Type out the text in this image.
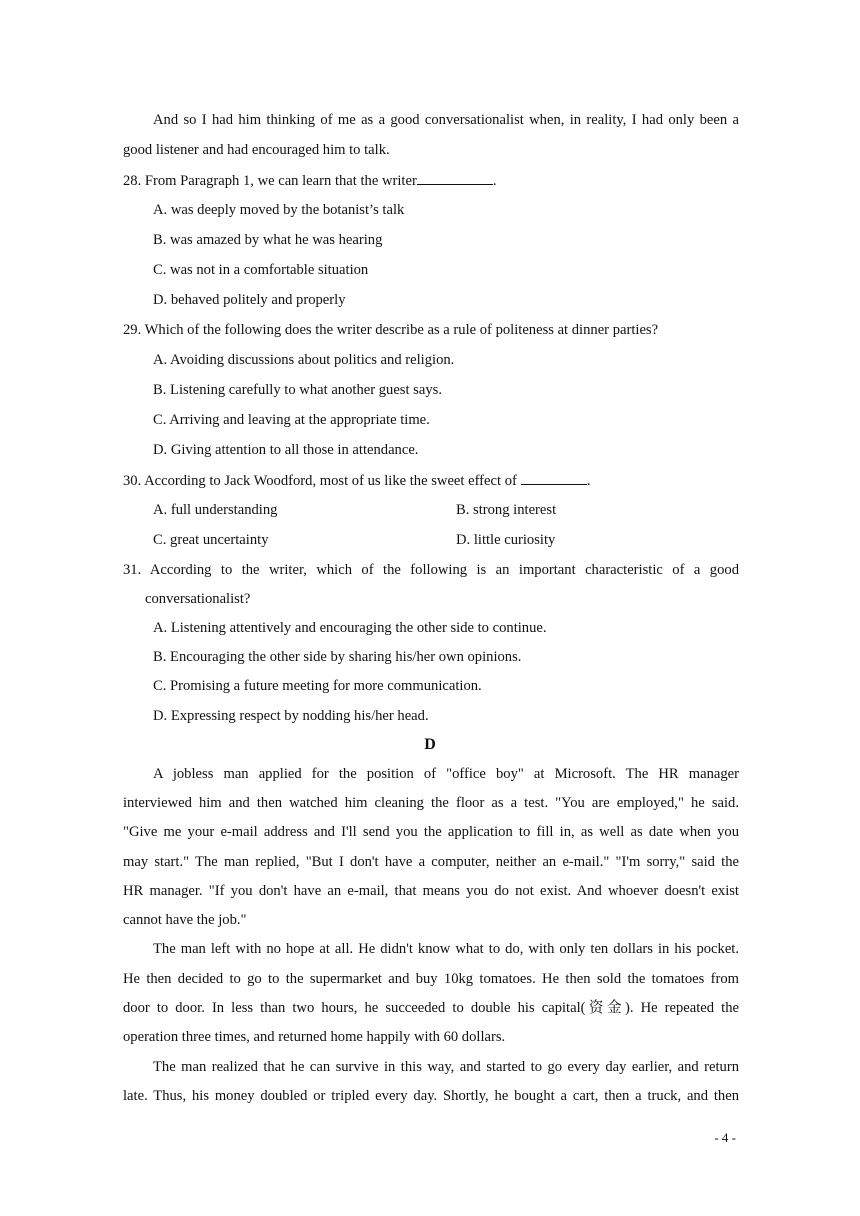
And so I had him thinking of me as a good conversationalist when, in reality, I had only been a
good listener and had encouraged him to talk.
28. From Paragraph 1, we can learn that the writer	.
A. was deeply moved by the botanist’s talk
B. was amazed by what he was hearing
C. was not in a comfortable situation
D. behaved politely and properly
29. Which of the following does the writer describe as a rule of politeness at dinner parties?
A. Avoiding discussions about politics and religion.
B. Listening carefully to what another guest says.
C. Arriving and leaving at the appropriate time.
D. Giving attention to all those in attendance.
30. According to Jack Woodford, most of us like the sweet effect of	.
A. full understanding	B. strong interest
C. great uncertainty	D. little curiosity
31. According to the writer, which of the following is an important characteristic of a good
conversationalist?
A. Listening attentively and encouraging the other side to continue.
B. Encouraging the other side by sharing his/her own opinions.
C. Promising a future meeting for more communication.
D. Expressing respect by nodding his/her head.
D
A jobless man applied for the position of "office boy" at Microsoft. The HR manager
interviewed him and then watched him cleaning the floor as a test. "You are employed," he said.
"Give me your e-mail address and I'll send you the application to fill in, as well as date when you
may start." The man replied, "But I don't have a computer, neither an e-mail." "I'm sorry," said the
HR manager. "If you don't have an e-mail, that means you do not exist. And whoever doesn't exist
cannot have the job."
The man left with no hope at all. He didn't know what to do, with only ten dollars in his pocket.
He then decided to go to the supermarket and buy 10kg tomatoes. He then sold the tomatoes from
door to door. In less than two hours, he succeeded to double his capital(资金). He repeated the
operation three times, and returned home happily with 60 dollars.
The man realized that he can survive in this way, and started to go every day earlier, and return
late. Thus, his money doubled or tripled every day. Shortly, he bought a cart, then a truck, and then
- 4 -
